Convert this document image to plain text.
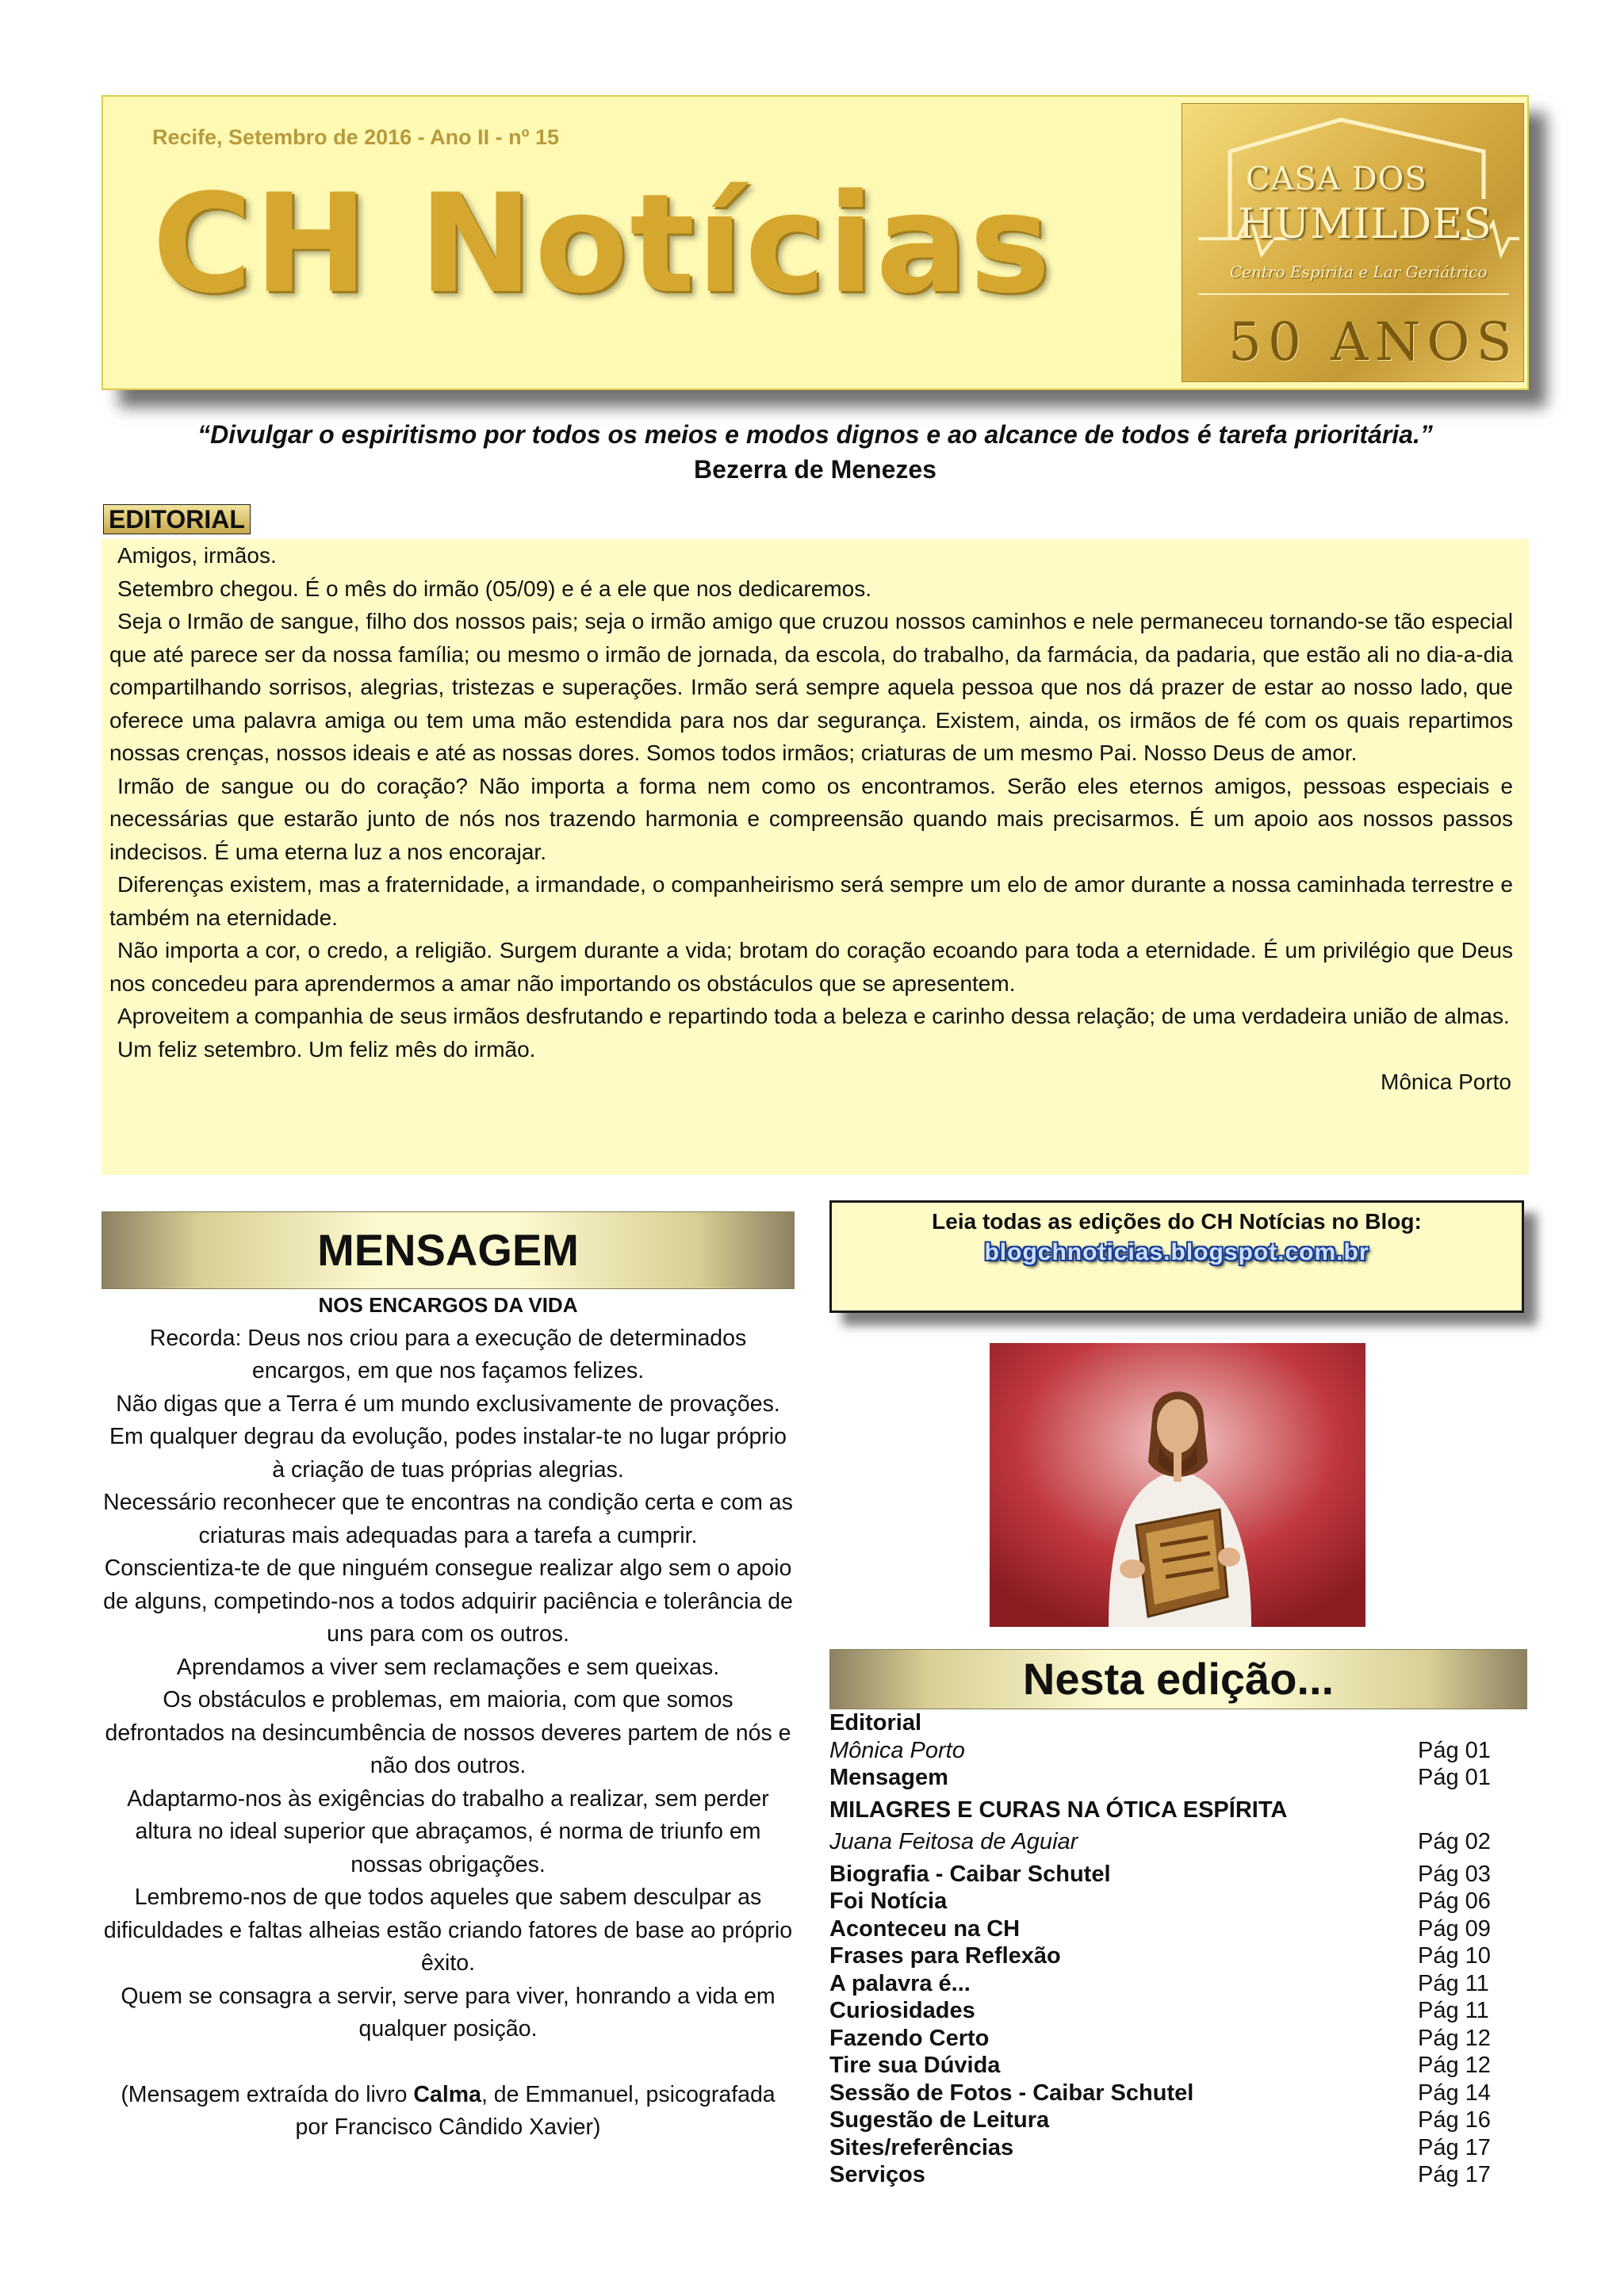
Recife, Setembro de 2016 - Ano II - nº 15
CH Notícias	CASA DOS
HUMILDES
Centro Espírita e Lar Geriátrico
50 ANOS
“Divulgar o espiritismo por todos os meios e modos dignos e ao alcance de todos é tarefa prioritária.”
Bezerra de Menezes
EDITORIAL

Amigos, irmãos.

Setembro chegou. É o mês do irmão (05/09) e é a ele que nos dedicaremos.

Seja o Irmão de sangue, filho dos nossos pais; seja o irmão amigo que cruzou nossos caminhos e nele permaneceu tornando-se tão especial que até parece ser da nossa família; ou mesmo o irmão de jornada, da escola, do trabalho, da farmácia, da padaria, que estão ali no dia-a-dia compartilhando sorrisos, alegrias, tristezas e superações. Irmão será sempre aquela pessoa que nos dá prazer de estar ao nosso lado, que oferece uma palavra amiga ou tem uma mão estendida para nos dar segurança. Existem, ainda, os irmãos de fé com os quais repartimos nossas crenças, nossos ideais e até as nossas dores. Somos todos irmãos; criaturas de um mesmo Pai. Nosso Deus de amor.

Irmão de sangue ou do coração? Não importa a forma nem como os encontramos. Serão eles eternos amigos, pessoas especiais e necessárias que estarão junto de nós nos trazendo harmonia e compreensão quando mais precisarmos. É um apoio aos nossos passos indecisos. É uma eterna luz a nos encorajar.

Diferenças existem, mas a fraternidade, a irmandade, o companheirismo será sempre um elo de amor durante a nossa caminhada terrestre e também na eternidade.

Não importa a cor, o credo, a religião. Surgem durante a vida; brotam do coração ecoando para toda a eternidade. É um privilégio que Deus nos concedeu para aprendermos a amar não importando os obstáculos que se apresentem.

Aproveitem a companhia de seus irmãos desfrutando e repartindo toda a beleza e carinho dessa relação; de uma verdadeira união de almas.

Um feliz setembro. Um feliz mês do irmão.

Mônica Porto

MENSAGEM

NOS ENCARGOS DA VIDA

Recorda: Deus nos criou para a execução de determinados encargos, em que nos façamos felizes.

Não digas que a Terra é um mundo exclusivamente de provações.

Em qualquer degrau da evolução, podes instalar-te no lugar próprio à criação de tuas próprias alegrias.

Necessário reconhecer que te encontras na condição certa e com as criaturas mais adequadas para a tarefa a cumprir.

Conscientiza-te de que ninguém consegue realizar algo sem o apoio de alguns, competindo-nos a todos adquirir paciência e tolerância de uns para com os outros.

Aprendamos a viver sem reclamações e sem queixas.

Os obstáculos e problemas, em maioria, com que somos defrontados na desincumbência de nossos deveres partem de nós e não dos outros.

Adaptarmo-nos às exigências do trabalho a realizar, sem perder altura no ideal superior que abraçamos, é norma de triunfo em nossas obrigações.

Lembremo-nos de que todos aqueles que sabem desculpar as dificuldades e faltas alheias estão criando fatores de base ao próprio êxito.

Quem se consagra a servir, serve para viver, honrando a vida em qualquer posição.

(Mensagem extraída do livro Calma, de Emmanuel, psicografada por Francisco Cândido Xavier)

Leia todas as edições do CH Notícias no Blog:
blogchnoticias.blogspot.com.br
Nesta edição...
Editorial
Mônica Porto	Pág 01
Mensagem	Pág 01
MILAGRES E CURAS NA ÓTICA ESPÍRITA
Juana Feitosa de Aguiar	Pág 02
Biografia - Caibar Schutel	Pág 03
Foi Notícia	Pág 06
Aconteceu na CH	Pág 09
Frases para Reflexão	Pág 10
A palavra é...	Pág 11
Curiosidades	Pág 11
Fazendo Certo	Pág 12
Tire sua Dúvida	Pág 12
Sessão de Fotos - Caibar Schutel	Pág 14
Sugestão de Leitura	Pág 16
Sites/referências	Pág 17
Serviços	Pág 17
